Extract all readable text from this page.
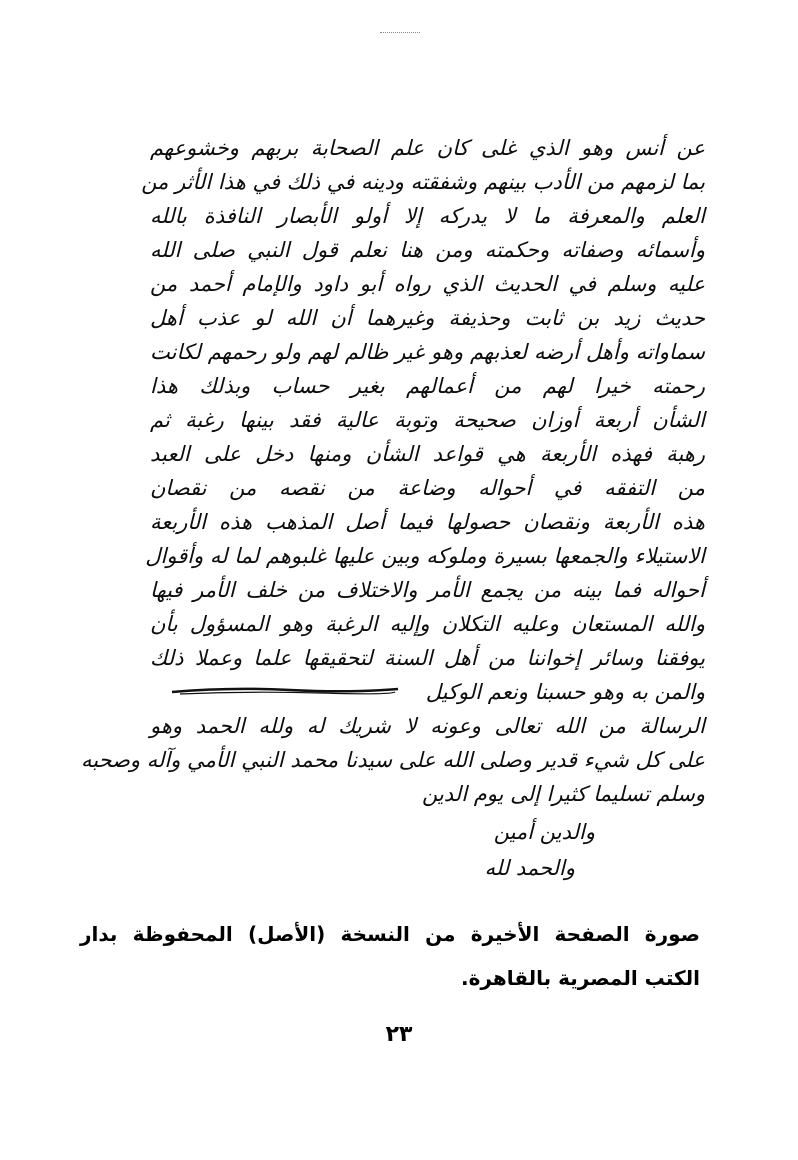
عن أنس وهو الذي غلى كان علم الصحابة بربهم وخشوعهم
بما لزمهم من الأدب بينهم وشفقته ودينه في ذلك في هذا الأثر من
العلم والمعرفة ما لا يدركه إلا أولو الأبصار النافذة بالله
وأسمائه وصفاته وحكمته ومن هنا نعلم قول النبي صلى الله
عليه وسلم في الحديث الذي رواه أبو داود والإمام أحمد من
حديث زيد بن ثابت وحذيفة وغيرهما أن الله لو عذب أهل
سماواته وأهل أرضه لعذبهم وهو غير ظالم لهم ولو رحمهم لكانت
رحمته خيرا لهم من أعمالهم بغير حساب وبذلك هذا
الشأن أربعة أوزان صحيحة وتوبة عالية فقد بينها رغبة ثم
رهبة فهذه الأربعة هي قواعد الشأن ومنها دخل على العبد
من التفقه في أحواله وضاعة من نقصه من نقصان
هذه الأربعة ونقصان حصولها فيما أصل المذهب هذه الأربعة
الاستيلاء والجمعها بسيرة وملوكه وبين عليها غلبوهم لما له وأقوال
أحواله فما بينه من يجمع الأمر والاختلاف من خلف الأمر فيها
والله المستعان وعليه التكلان وإليه الرغبة وهو المسؤول بأن
يوفقنا وسائر إخواننا من أهل السنة لتحقيقها علما وعملا ذلك
والمن به وهو حسبنا ونعم الوكيل
الرسالة من الله تعالى وعونه لا شريك له ولله الحمد وهو
على كل شيء قدير وصلى الله على سيدنا محمد النبي الأمي وآله وصحبه
وسلم تسليما كثيرا إلى يوم الدين
والدين أمين
والحمد لله
صورة الصفحة الأخيرة من النسخة (الأصل) المحفوظة بدار الكتب المصرية بالقاهرة.
٢٣
